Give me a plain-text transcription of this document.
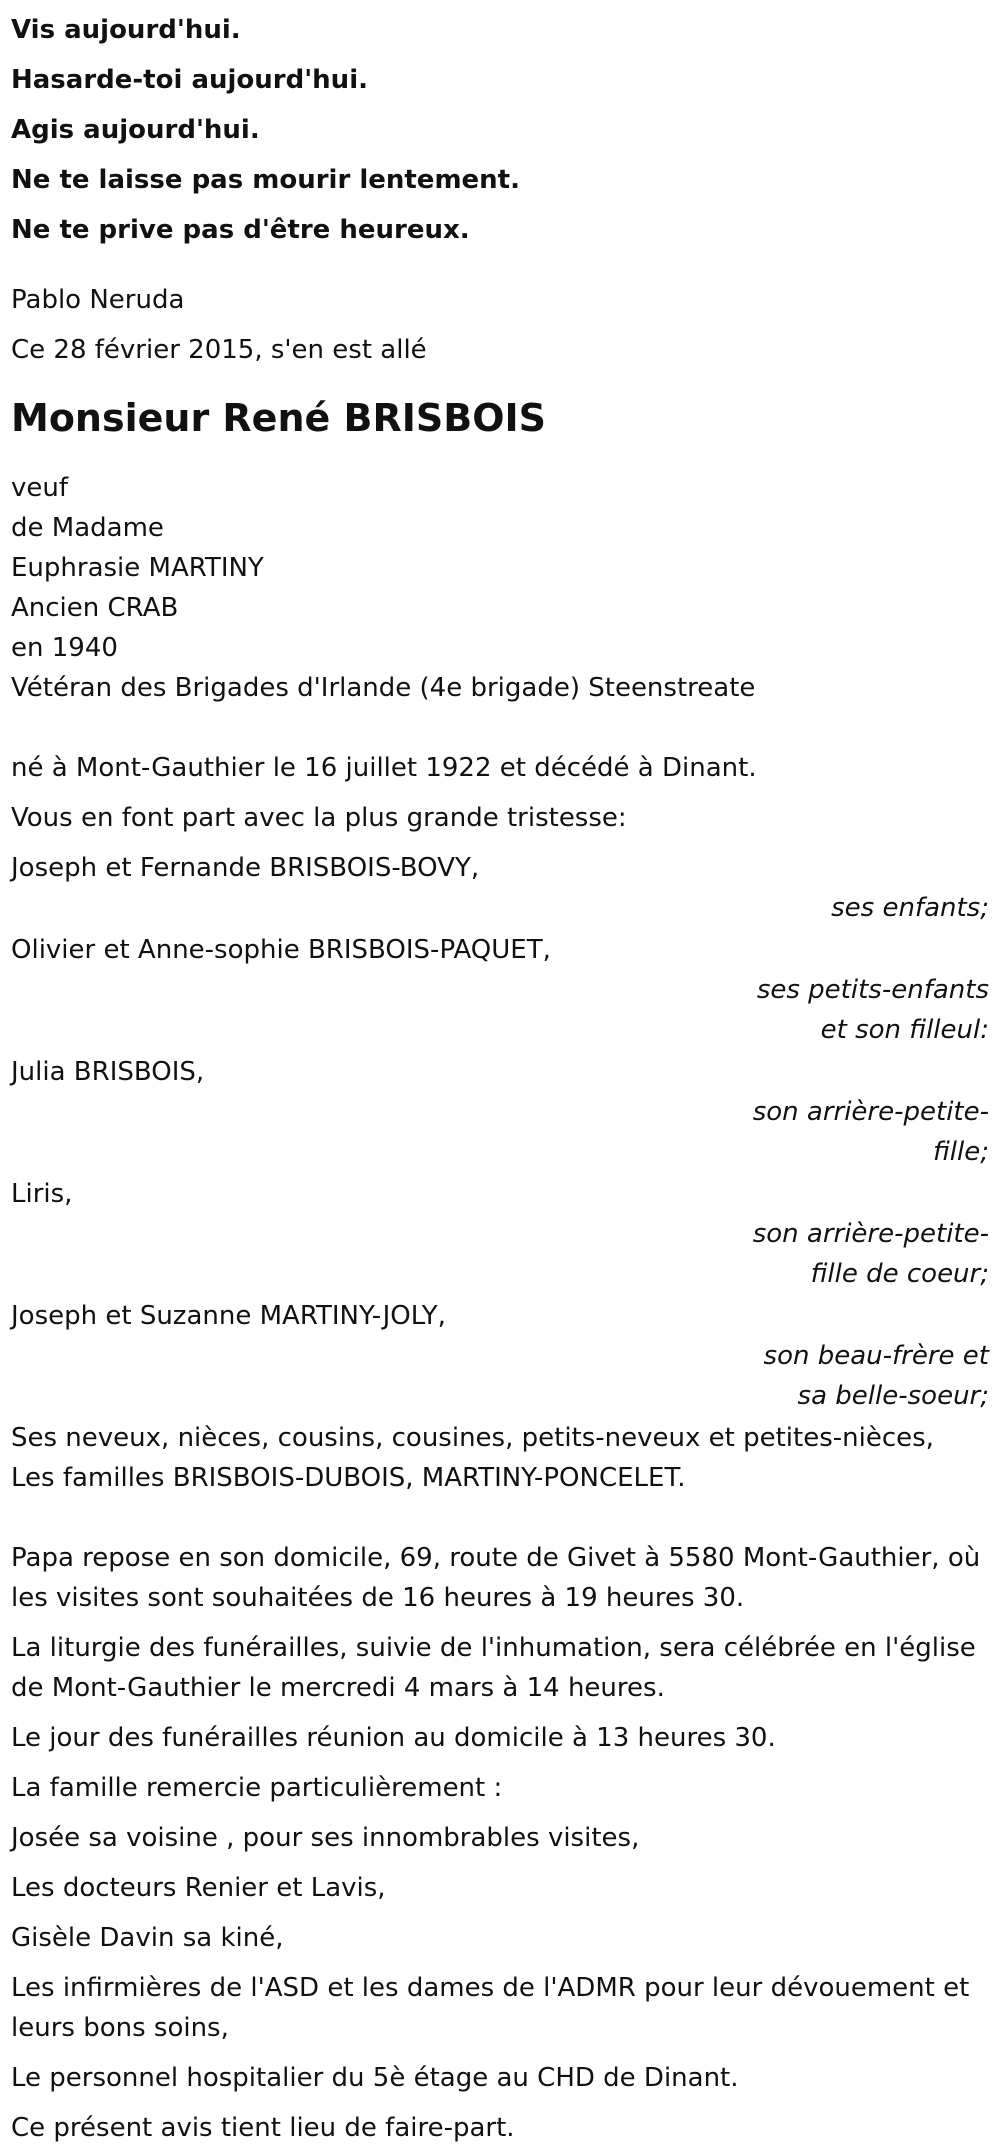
Vis aujourd'hui.

Hasarde-toi aujourd'hui.

Agis aujourd'hui.

Ne te laisse pas mourir lentement.

Ne te prive pas d'être heureux.

Pablo Neruda

Ce 28 février 2015, s'en est allé

Monsieur René BRISBOIS

veuf

de Madame

Euphrasie MARTINY

Ancien CRAB

en 1940

Vétéran des Brigades d'Irlande (4e brigade) Steenstreate

né à Mont-Gauthier le 16 juillet 1922 et décédé à Dinant.

Vous en font part avec la plus grande tristesse:

Joseph et Fernande BRISBOIS-BOVY,

ses enfants;

Olivier et Anne-sophie BRISBOIS-PAQUET,

ses petits-enfants et son filleul:

Julia BRISBOIS,

son arrière-petite-fille;

Liris,

son arrière-petite-fille de coeur;

Joseph et Suzanne MARTINY-JOLY,

son beau-frère et sa belle-soeur;

Ses neveux, nièces, cousins, cousines, petits-neveux et petites-nièces,

Les familles BRISBOIS-DUBOIS, MARTINY-PONCELET.

Papa repose en son domicile, 69, route de Givet à 5580 Mont-Gauthier, où les visites sont souhaitées de 16 heures à 19 heures 30.

La liturgie des funérailles, suivie de l'inhumation, sera célébrée en l'église de Mont-Gauthier le mercredi 4 mars à 14 heures.

Le jour des funérailles réunion au domicile à 13 heures 30.

La famille remercie particulièrement :

Josée sa voisine , pour ses innombrables visites,

Les docteurs Renier et Lavis,

Gisèle Davin sa kiné,

Les infirmières de l'ASD et les dames de l'ADMR pour leur dévouement et leurs bons soins,

Le personnel hospitalier du 5è étage au CHD de Dinant.

Ce présent avis tient lieu de faire-part.
